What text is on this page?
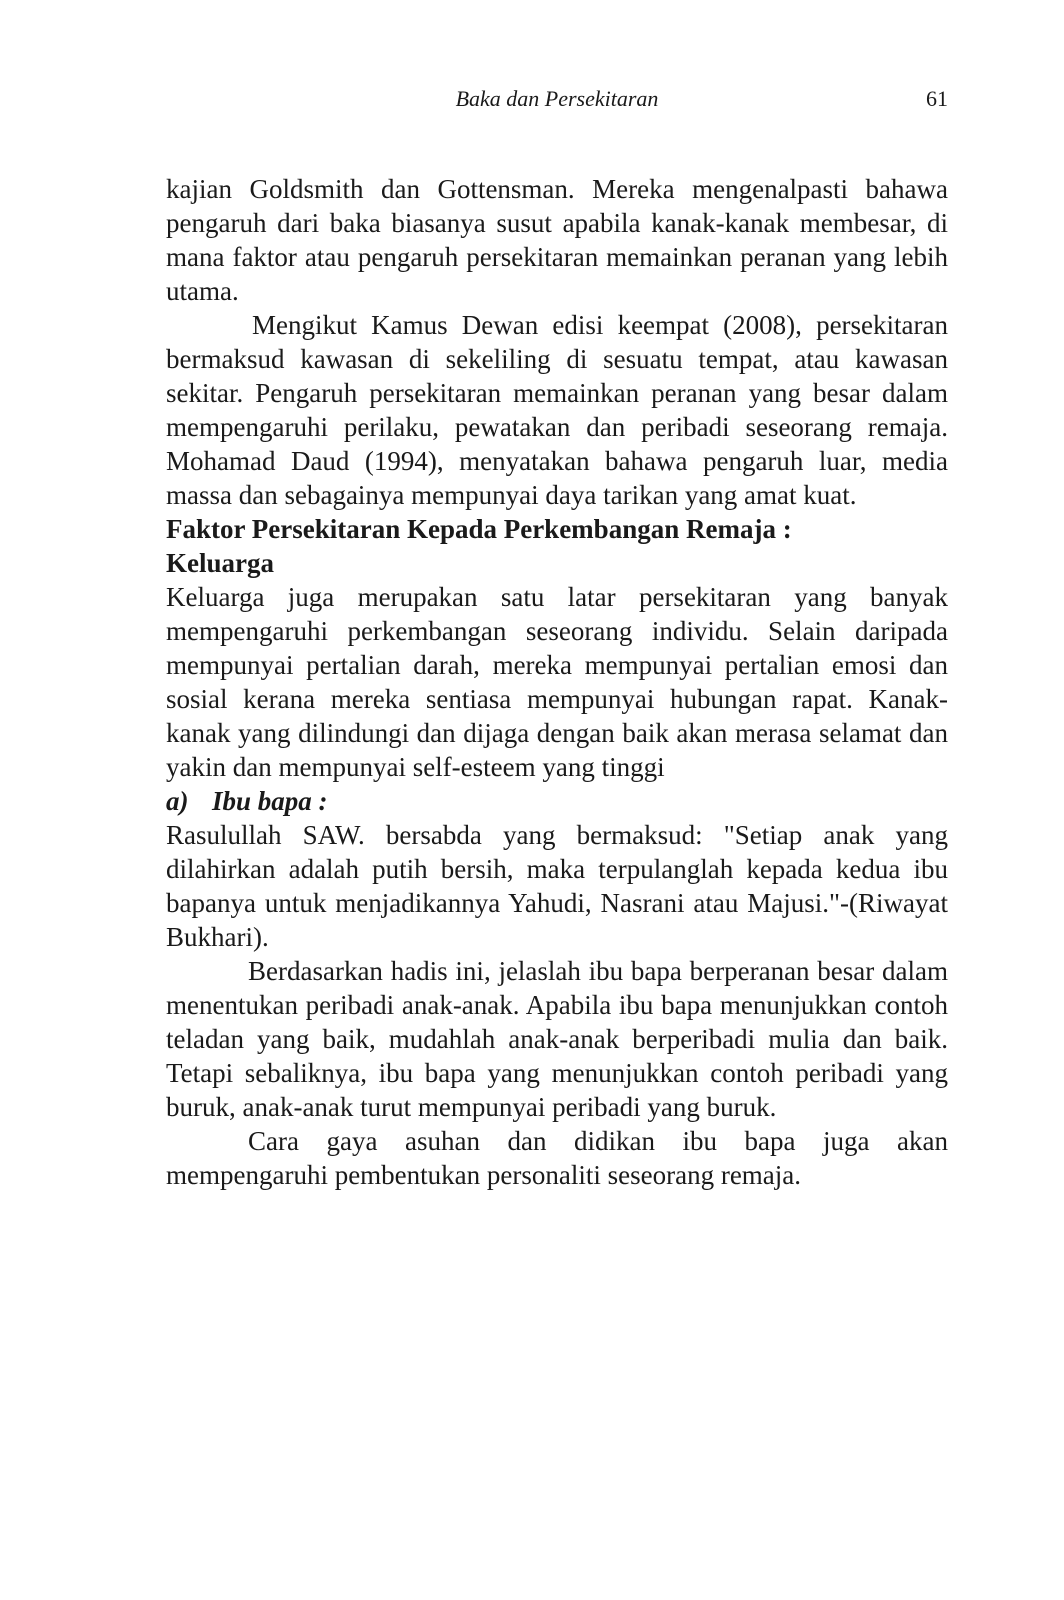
Baka dan Persekitaran	61

kajian Goldsmith dan Gottensman. Mereka mengenalpasti bahawa pengaruh dari baka biasanya susut apabila kanak-kanak membesar, di mana faktor atau pengaruh persekitaran memainkan peranan yang lebih utama.

Mengikut Kamus Dewan edisi keempat (2008), persekitaran bermaksud kawasan di sekeliling di sesuatu tempat, atau kawasan sekitar. Pengaruh persekitaran memainkan peranan yang besar dalam mempengaruhi perilaku, pewatakan dan peribadi seseorang remaja. Mohamad Daud (1994), menyatakan bahawa pengaruh luar, media massa dan sebagainya mempunyai daya tarikan yang amat kuat.

Faktor Persekitaran Kepada Perkembangan Remaja :

Keluarga

Keluarga juga merupakan satu latar persekitaran yang banyak mempengaruhi perkembangan seseorang individu. Selain daripada mempunyai pertalian darah, mereka mempunyai pertalian emosi dan sosial kerana mereka sentiasa mempunyai hubungan rapat. Kanak-kanak yang dilindungi dan dijaga dengan baik akan merasa selamat dan yakin dan mempunyai self-esteem yang tinggi

a) Ibu bapa :

Rasulullah SAW. bersabda yang bermaksud: "Setiap anak yang dilahirkan adalah putih bersih, maka terpulanglah kepada kedua ibu bapanya untuk menjadikannya Yahudi, Nasrani atau Majusi."-(Riwayat Bukhari).

Berdasarkan hadis ini, jelaslah ibu bapa berperanan besar dalam menentukan peribadi anak-anak. Apabila ibu bapa menunjukkan contoh teladan yang baik, mudahlah anak-anak berperibadi mulia dan baik. Tetapi sebaliknya, ibu bapa yang menunjukkan contoh peribadi yang buruk, anak-anak turut mempunyai peribadi yang buruk.

Cara gaya asuhan dan didikan ibu bapa juga akan mempengaruhi pembentukan personaliti seseorang remaja.
